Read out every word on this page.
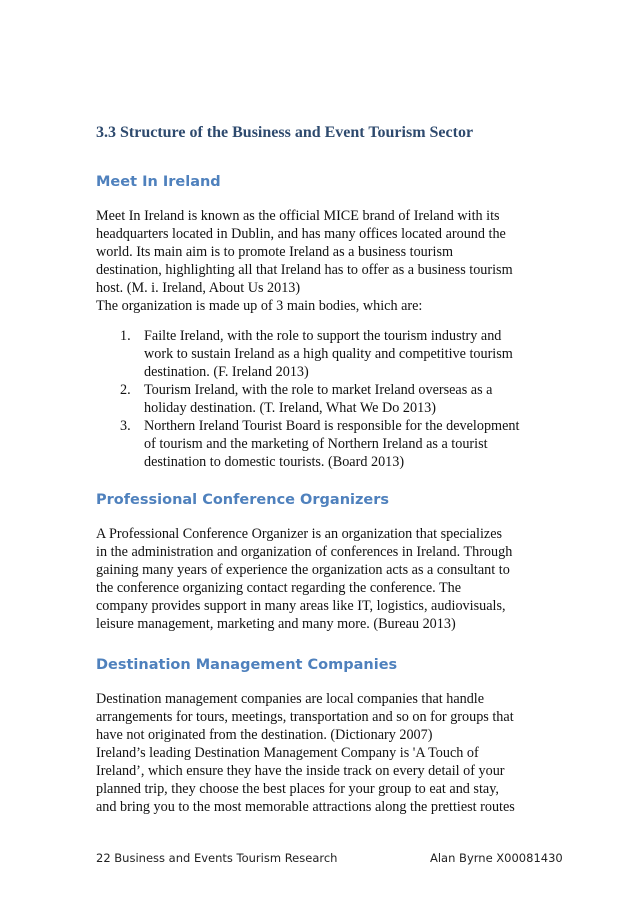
3.3 Structure of the Business and Event Tourism Sector
Meet In Ireland

Meet In Ireland is known as the official MICE brand of Ireland with its
headquarters located in Dublin, and has many offices located around the
world. Its main aim is to promote Ireland as a business tourism
destination, highlighting all that Ireland has to offer as a business tourism
host. (M. i. Ireland, About Us 2013)
The organization is made up of 3 main bodies, which are:

1. Failte Ireland, with the role to support the tourism industry and
work to sustain Ireland as a high quality and competitive tourism
destination. (F. Ireland 2013)
2. Tourism Ireland, with the role to market Ireland overseas as a
holiday destination. (T. Ireland, What We Do 2013)
3. Northern Ireland Tourist Board is responsible for the development
of tourism and the marketing of Northern Ireland as a tourist
destination to domestic tourists. (Board 2013)
Professional Conference Organizers

A Professional Conference Organizer is an organization that specializes
in the administration and organization of conferences in Ireland. Through
gaining many years of experience the organization acts as a consultant to
the conference organizing contact regarding the conference. The
company provides support in many areas like IT, logistics, audiovisuals,
leisure management, marketing and many more. (Bureau 2013)

Destination Management Companies

Destination management companies are local companies that handle
arrangements for tours, meetings, transportation and so on for groups that
have not originated from the destination. (Dictionary 2007)
Ireland’s leading Destination Management Company is 'A Touch of
Ireland’, which ensure they have the inside track on every detail of your
planned trip, they choose the best places for your group to eat and stay,
and bring you to the most memorable attractions along the prettiest routes

22 Business and Events Tourism Research	Alan Byrne X00081430
